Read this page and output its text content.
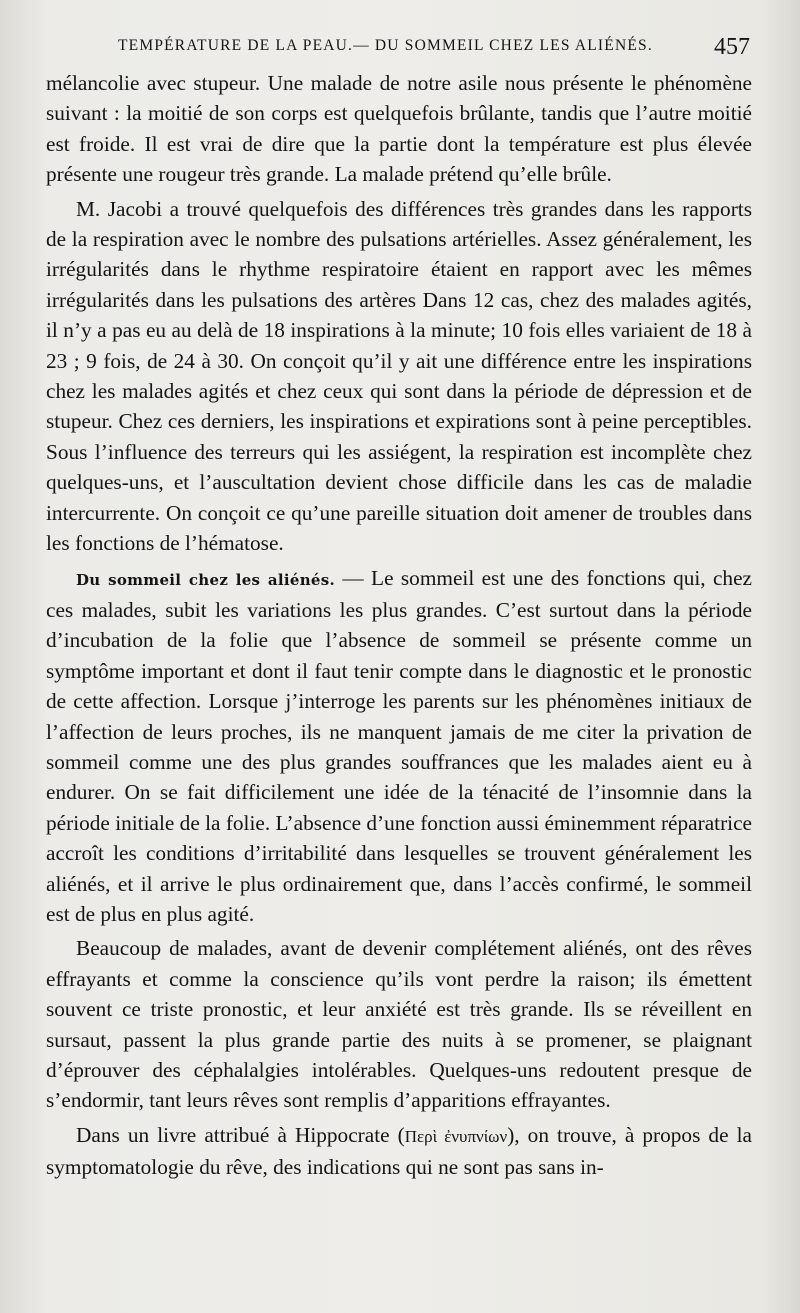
TEMPÉRATURE DE LA PEAU.— DU SOMMEIL CHEZ LES ALIÉNÉS.	457

mélancolie avec stupeur. Une malade de notre asile nous présente le phénomène suivant : la moitié de son corps est quelquefois brûlante, tandis que l’autre moitié est froide. Il est vrai de dire que la partie dont la température est plus élevée présente une rougeur très grande. La malade prétend qu’elle brûle.

M. Jacobi a trouvé quelquefois des différences très grandes dans les rapports de la respiration avec le nombre des pulsations artérielles. Assez généralement, les irrégularités dans le rhythme respiratoire étaient en rapport avec les mêmes irrégularités dans les pulsations des artères Dans 12 cas, chez des malades agités, il n’y a pas eu au delà de 18 inspirations à la minute; 10 fois elles variaient de 18 à 23 ; 9 fois, de 24 à 30. On conçoit qu’il y ait une différence entre les inspirations chez les malades agités et chez ceux qui sont dans la période de dépression et de stupeur. Chez ces derniers, les inspirations et expirations sont à peine perceptibles. Sous l’influence des terreurs qui les assiégent, la respiration est incomplète chez quelques-uns, et l’auscultation devient chose difficile dans les cas de maladie intercurrente. On conçoit ce qu’une pareille situation doit amener de troubles dans les fonctions de l’hématose.

Du sommeil chez les aliénés. — Le sommeil est une des fonctions qui, chez ces malades, subit les variations les plus grandes. C’est surtout dans la période d’incubation de la folie que l’absence de sommeil se présente comme un symptôme important et dont il faut tenir compte dans le diagnostic et le pronostic de cette affection. Lorsque j’interroge les parents sur les phénomènes initiaux de l’affection de leurs proches, ils ne manquent jamais de me citer la privation de sommeil comme une des plus grandes souffrances que les malades aient eu à endurer. On se fait difficilement une idée de la ténacité de l’insomnie dans la période initiale de la folie. L’absence d’une fonction aussi éminemment réparatrice accroît les conditions d’irritabilité dans lesquelles se trouvent généralement les aliénés, et il arrive le plus ordinairement que, dans l’accès confirmé, le sommeil est de plus en plus agité.

Beaucoup de malades, avant de devenir complétement aliénés, ont des rêves effrayants et comme la conscience qu’ils vont perdre la raison; ils émettent souvent ce triste pronostic, et leur anxiété est très grande. Ils se réveillent en sursaut, passent la plus grande partie des nuits à se promener, se plaignant d’éprouver des céphalalgies intolérables. Quelques-uns redoutent presque de s’endormir, tant leurs rêves sont remplis d’apparitions effrayantes.

Dans un livre attribué à Hippocrate (Περὶ ἐνυπνίων), on trouve, à propos de la symptomatologie du rêve, des indications qui ne sont pas sans in-
